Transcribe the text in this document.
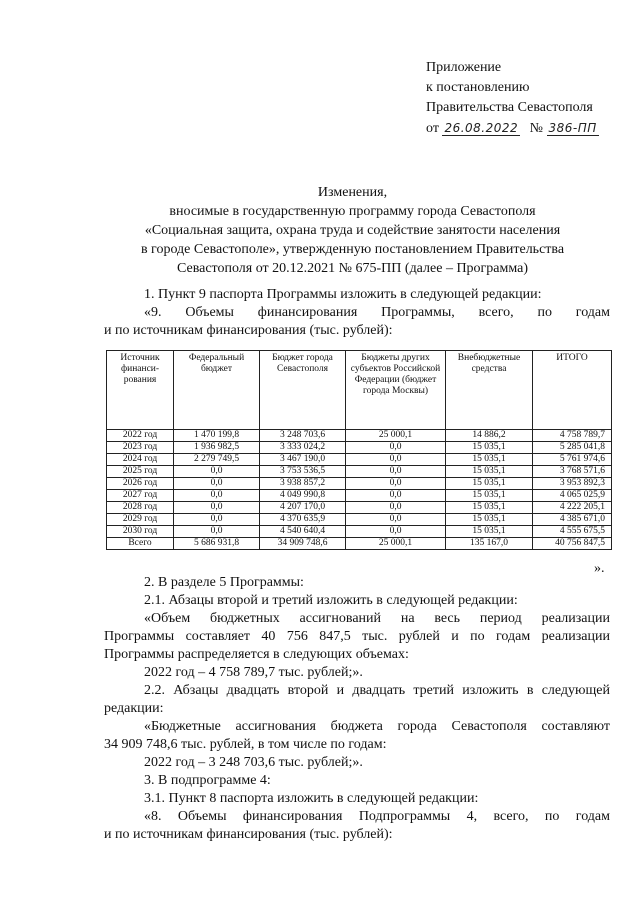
Приложение
к постановлению
Правительства Севастополя
от 26.08.2022 № 386-ПП
Изменения,
вносимые в государственную программу города Севастополя
«Социальная защита, охрана труда и содействие занятости населения
в городе Севастополе», утвержденную постановлением Правительства
Севастополя от 20.12.2021 № 675-ПП (далее – Программа)
1. Пункт 9 паспорта Программы изложить в следующей редакции:
«9. Объемы финансирования Программы, всего, по годам
и по источникам финансирования (тыс. рублей):
Источник финанси-рования	Федеральный бюджет	Бюджет города Севастополя	Бюджеты других субъектов Российской Федерации (бюджет города Москвы)	Внебюджетные средства	ИТОГО
2022 год	1 470 199,8	3 248 703,6	25 000,1	14 886,2	4 758 789,7
2023 год	1 936 982,5	3 333 024,2	0,0	15 035,1	5 285 041,8
2024 год	2 279 749,5	3 467 190,0	0,0	15 035,1	5 761 974,6
2025 год	0,0	3 753 536,5	0,0	15 035,1	3 768 571,6
2026 год	0,0	3 938 857,2	0,0	15 035,1	3 953 892,3
2027 год	0,0	4 049 990,8	0,0	15 035,1	4 065 025,9
2028 год	0,0	4 207 170,0	0,0	15 035,1	4 222 205,1
2029 год	0,0	4 370 635,9	0,0	15 035,1	4 385 671,0
2030 год	0,0	4 540 640,4	0,0	15 035,1	4 555 675,5
Всего	5 686 931,8	34 909 748,6	25 000,1	135 167,0	40 756 847,5
».
2. В разделе 5 Программы:
2.1. Абзацы второй и третий изложить в следующей редакции:
«Объем бюджетных ассигнований на весь период реализации
Программы составляет 40 756 847,5 тыс. рублей и по годам реализации
Программы распределяется в следующих объемах:
2022 год – 4 758 789,7 тыс. рублей;».
2.2. Абзацы двадцать второй и двадцать третий изложить в следующей
редакции:
«Бюджетные ассигнования бюджета города Севастополя составляют
34 909 748,6 тыс. рублей, в том числе по годам:
2022 год – 3 248 703,6 тыс. рублей;».
3. В подпрограмме 4:
3.1. Пункт 8 паспорта изложить в следующей редакции:
«8. Объемы финансирования Подпрограммы 4, всего, по годам
и по источникам финансирования (тыс. рублей):
